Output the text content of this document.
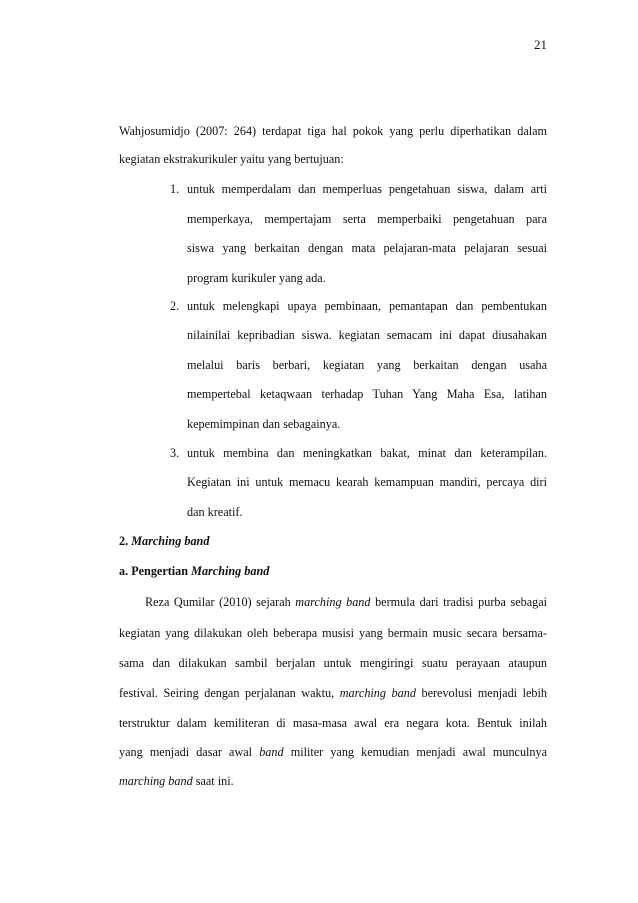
21
Wahjosumidjo (2007: 264) terdapat tiga hal pokok yang perlu diperhatikan dalam
kegiatan ekstrakurikuler yaitu yang bertujuan:
1. untuk memperdalam dan memperluas pengetahuan siswa, dalam arti
memperkaya, mempertajam serta memperbaiki pengetahuan para
siswa yang berkaitan dengan mata pelajaran-mata pelajaran sesuai
program kurikuler yang ada.
2. untuk melengkapi upaya pembinaan, pemantapan dan pembentukan
nilainilai kepribadian siswa. kegiatan semacam ini dapat diusahakan
melalui baris berbari, kegiatan yang berkaitan dengan usaha
mempertebal ketaqwaan terhadap Tuhan Yang Maha Esa, latihan
kepemimpinan dan sebagainya.
3. untuk membina dan meningkatkan bakat, minat dan keterampilan.
Kegiatan ini untuk memacu kearah kemampuan mandiri, percaya diri
dan kreatif.
2. Marching band
a. Pengertian Marching band
Reza Qumilar (2010) sejarah marching band bermula dari tradisi purba sebagai
kegiatan yang dilakukan oleh beberapa musisi yang bermain music secara bersama-
sama dan dilakukan sambil berjalan untuk mengiringi suatu perayaan ataupun
festival. Seiring dengan perjalanan waktu, marching band berevolusi menjadi lebih
terstruktur dalam kemiliteran di masa-masa awal era negara kota. Bentuk inilah
yang menjadi dasar awal band militer yang kemudian menjadi awal munculnya
marching band saat ini.
